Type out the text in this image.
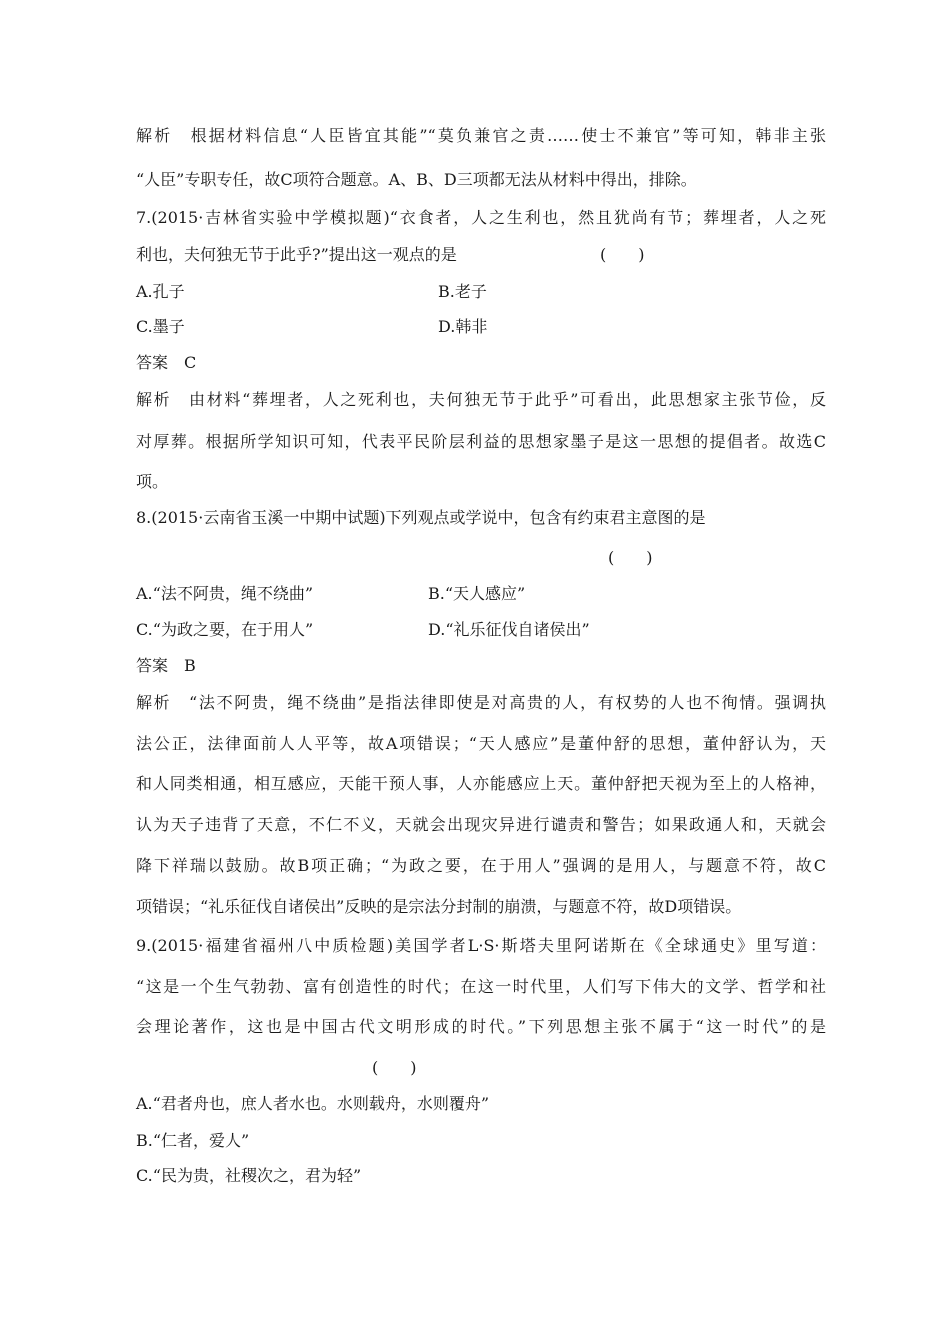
解析　根据材料信息“人臣皆宜其能”“莫负兼官之责……使士不兼官”等可知，韩非主张
“人臣”专职专任，故C项符合题意。A、B、D三项都无法从材料中得出，排除。
7.(2015·吉林省实验中学模拟题)“衣食者，人之生利也，然且犹尚有节；葬埋者，人之死
利也，夫何独无节于此乎?”提出这一观点的是	(　　)
A.孔子	B.老子
C.墨子	D.韩非
答案　C
解析　由材料“葬埋者，人之死利也，夫何独无节于此乎”可看出，此思想家主张节俭，反
对厚葬。根据所学知识可知，代表平民阶层利益的思想家墨子是这一思想的提倡者。故选C
项。
8.(2015·云南省玉溪一中期中试题)下列观点或学说中，包含有约束君主意图的是
(　　)
A.“法不阿贵，绳不绕曲”	B.“天人感应”
C.“为政之要，在于用人”	D.“礼乐征伐自诸侯出”
答案　B
解析　“法不阿贵，绳不绕曲”是指法律即使是对高贵的人，有权势的人也不徇情。强调执
法公正，法律面前人人平等，故A项错误；“天人感应”是董仲舒的思想，董仲舒认为，天
和人同类相通，相互感应，天能干预人事，人亦能感应上天。董仲舒把天视为至上的人格神，
认为天子违背了天意，不仁不义，天就会出现灾异进行谴责和警告；如果政通人和，天就会
降下祥瑞以鼓励。故B项正确；“为政之要，在于用人”强调的是用人，与题意不符，故C
项错误；“礼乐征伐自诸侯出”反映的是宗法分封制的崩溃，与题意不符，故D项错误。
9.(2015·福建省福州八中质检题)美国学者L·S·斯塔夫里阿诺斯在《全球通史》里写道：
“这是一个生气勃勃、富有创造性的时代；在这一时代里，人们写下伟大的文学、哲学和社
会理论著作，这也是中国古代文明形成的时代。”下列思想主张不属于“这一时代”的是
(　　)
A.“君者舟也，庶人者水也。水则载舟，水则覆舟”
B.“仁者，爱人”
C.“民为贵，社稷次之，君为轻”
